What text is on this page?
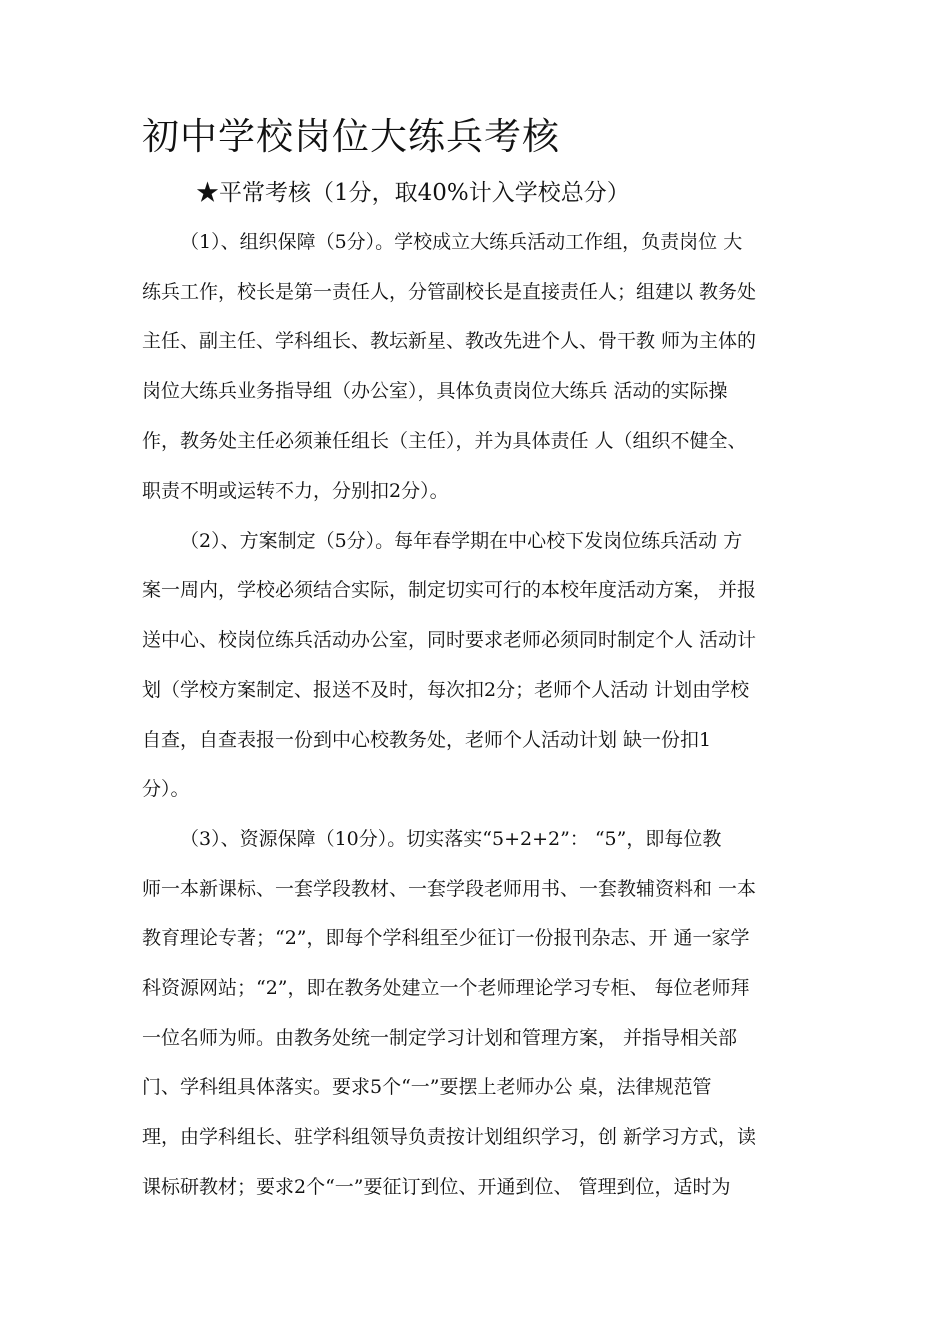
初中学校岗位大练兵考核
★平常考核（1分，取40%计入学校总分）

（1）、组织保障（5分）。学校成立大练兵活动工作组，负责岗位 大

练兵工作，校长是第一责任人，分管副校长是直接责任人；组建以 教务处

主任、副主任、学科组长、教坛新星、教改先进个人、骨干教 师为主体的

岗位大练兵业务指导组（办公室），具体负责岗位大练兵 活动的实际操

作，教务处主任必须兼任组长（主任），并为具体责任 人（组织不健全、

职责不明或运转不力，分别扣2分）。

（2）、方案制定（5分）。每年春学期在中心校下发岗位练兵活动 方

案一周内，学校必须结合实际，制定切实可行的本校年度活动方案， 并报

送中心、校岗位练兵活动办公室，同时要求老师必须同时制定个人 活动计

划（学校方案制定、报送不及时，每次扣2分；老师个人活动 计划由学校

自查，自查表报一份到中心校教务处，老师个人活动计划 缺一份扣1

分）。

（3）、资源保障（10分）。切实落实“5+2+2”： “5”，即每位教

师一本新课标、一套学段教材、一套学段老师用书、一套教辅资料和 一本

教育理论专著；“2”，即每个学科组至少征订一份报刊杂志、开 通一家学

科资源网站；“2”，即在教务处建立一个老师理论学习专柜、 每位老师拜

一位名师为师。由教务处统一制定学习计划和管理方案， 并指导相关部

门、学科组具体落实。要求5个“一”要摆上老师办公 桌，法律规范管

理，由学科组长、驻学科组领导负责按计划组织学习，创 新学习方式，读

课标研教材；要求2个“一”要征订到位、开通到位、 管理到位，适时为
